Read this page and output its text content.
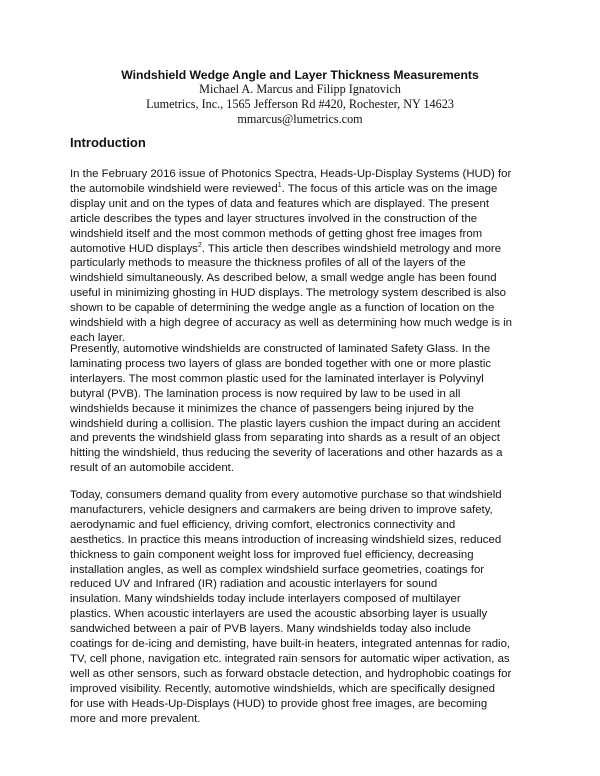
Windshield Wedge Angle and Layer Thickness Measurements
Michael A. Marcus and Filipp Ignatovich
Lumetrics, Inc., 1565 Jefferson Rd #420, Rochester, NY 14623
mmarcus@lumetrics.com
Introduction

In the February 2016 issue of Photonics Spectra, Heads-Up-Display Systems (HUD) for
the automobile windshield were reviewed$^1$. The focus of this article was on the image
display unit and on the types of data and features which are displayed. The present
article describes the types and layer structures involved in the construction of the
windshield itself and the most common methods of getting ghost free images from
automotive HUD displays$^2$. This article then describes windshield metrology and more
particularly methods to measure the thickness profiles of all of the layers of the
windshield simultaneously. As described below, a small wedge angle has been found
useful in minimizing ghosting in HUD displays. The metrology system described is also
shown to be capable of determining the wedge angle as a function of location on the
windshield with a high degree of accuracy as well as determining how much wedge is in
each layer.

Presently, automotive windshields are constructed of laminated Safety Glass. In the
laminating process two layers of glass are bonded together with one or more plastic
interlayers. The most common plastic used for the laminated interlayer is Polyvinyl
butyral (PVB). The lamination process is now required by law to be used in all
windshields because it minimizes the chance of passengers being injured by the
windshield during a collision. The plastic layers cushion the impact during an accident
and prevents the windshield glass from separating into shards as a result of an object
hitting the windshield, thus reducing the severity of lacerations and other hazards as a
result of an automobile accident.

Today, consumers demand quality from every automotive purchase so that windshield
manufacturers, vehicle designers and carmakers are being driven to improve safety,
aerodynamic and fuel efficiency, driving comfort, electronics connectivity and
aesthetics. In practice this means introduction of increasing windshield sizes, reduced
thickness to gain component weight loss for improved fuel efficiency, decreasing
installation angles, as well as complex windshield surface geometries, coatings for
reduced UV and Infrared (IR) radiation and acoustic interlayers for sound
insulation. Many windshields today include interlayers composed of multilayer
plastics. When acoustic interlayers are used the acoustic absorbing layer is usually
sandwiched between a pair of PVB layers. Many windshields today also include
coatings for de-icing and demisting, have built-in heaters, integrated antennas for radio,
TV, cell phone, navigation etc. integrated rain sensors for automatic wiper activation, as
well as other sensors, such as forward obstacle detection, and hydrophobic coatings for
improved visibility. Recently, automotive windshields, which are specifically designed
for use with Heads-Up-Displays (HUD) to provide ghost free images, are becoming
more and more prevalent.
